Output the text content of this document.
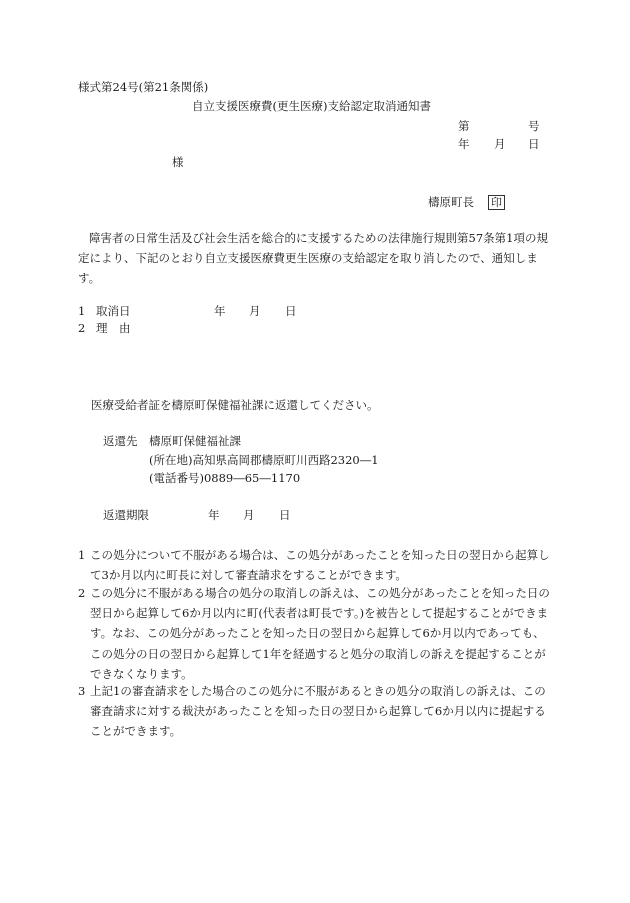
様式第24号(第21条関係)
自立支援医療費(更生医療)支給認定取消通知書
第	号
年 月 日
様
檮原町長 印
障害者の日常生活及び社会生活を総合的に支援するための法律施行規則第57条第1項の規定により、下記のとおり自立支援医療費更生医療の支給認定を取り消したので、通知します。
1 取消日	年 月 日
2 理　由
医療受給者証を檮原町保健福祉課に返還してください。
返還先 檮原町保健福祉課
(所在地)高知県高岡郡檮原町川西路2320―1
(電話番号)0889―65―1170
返還期限	年 月 日
1 この処分について不服がある場合は、この処分があったことを知った日の翌日から起算して3か月以内に町長に対して審査請求をすることができます。
2 この処分に不服がある場合の処分の取消しの訴えは、この処分があったことを知った日の翌日から起算して6か月以内に町(代表者は町長です。)を被告として提起することができます。なお、この処分があったことを知った日の翌日から起算して6か月以内であっても、この処分の日の翌日から起算して1年を経過すると処分の取消しの訴えを提起することができなくなります。
3 上記1の審査請求をした場合のこの処分に不服があるときの処分の取消しの訴えは、この審査請求に対する裁決があったことを知った日の翌日から起算して6か月以内に提起することができます。
